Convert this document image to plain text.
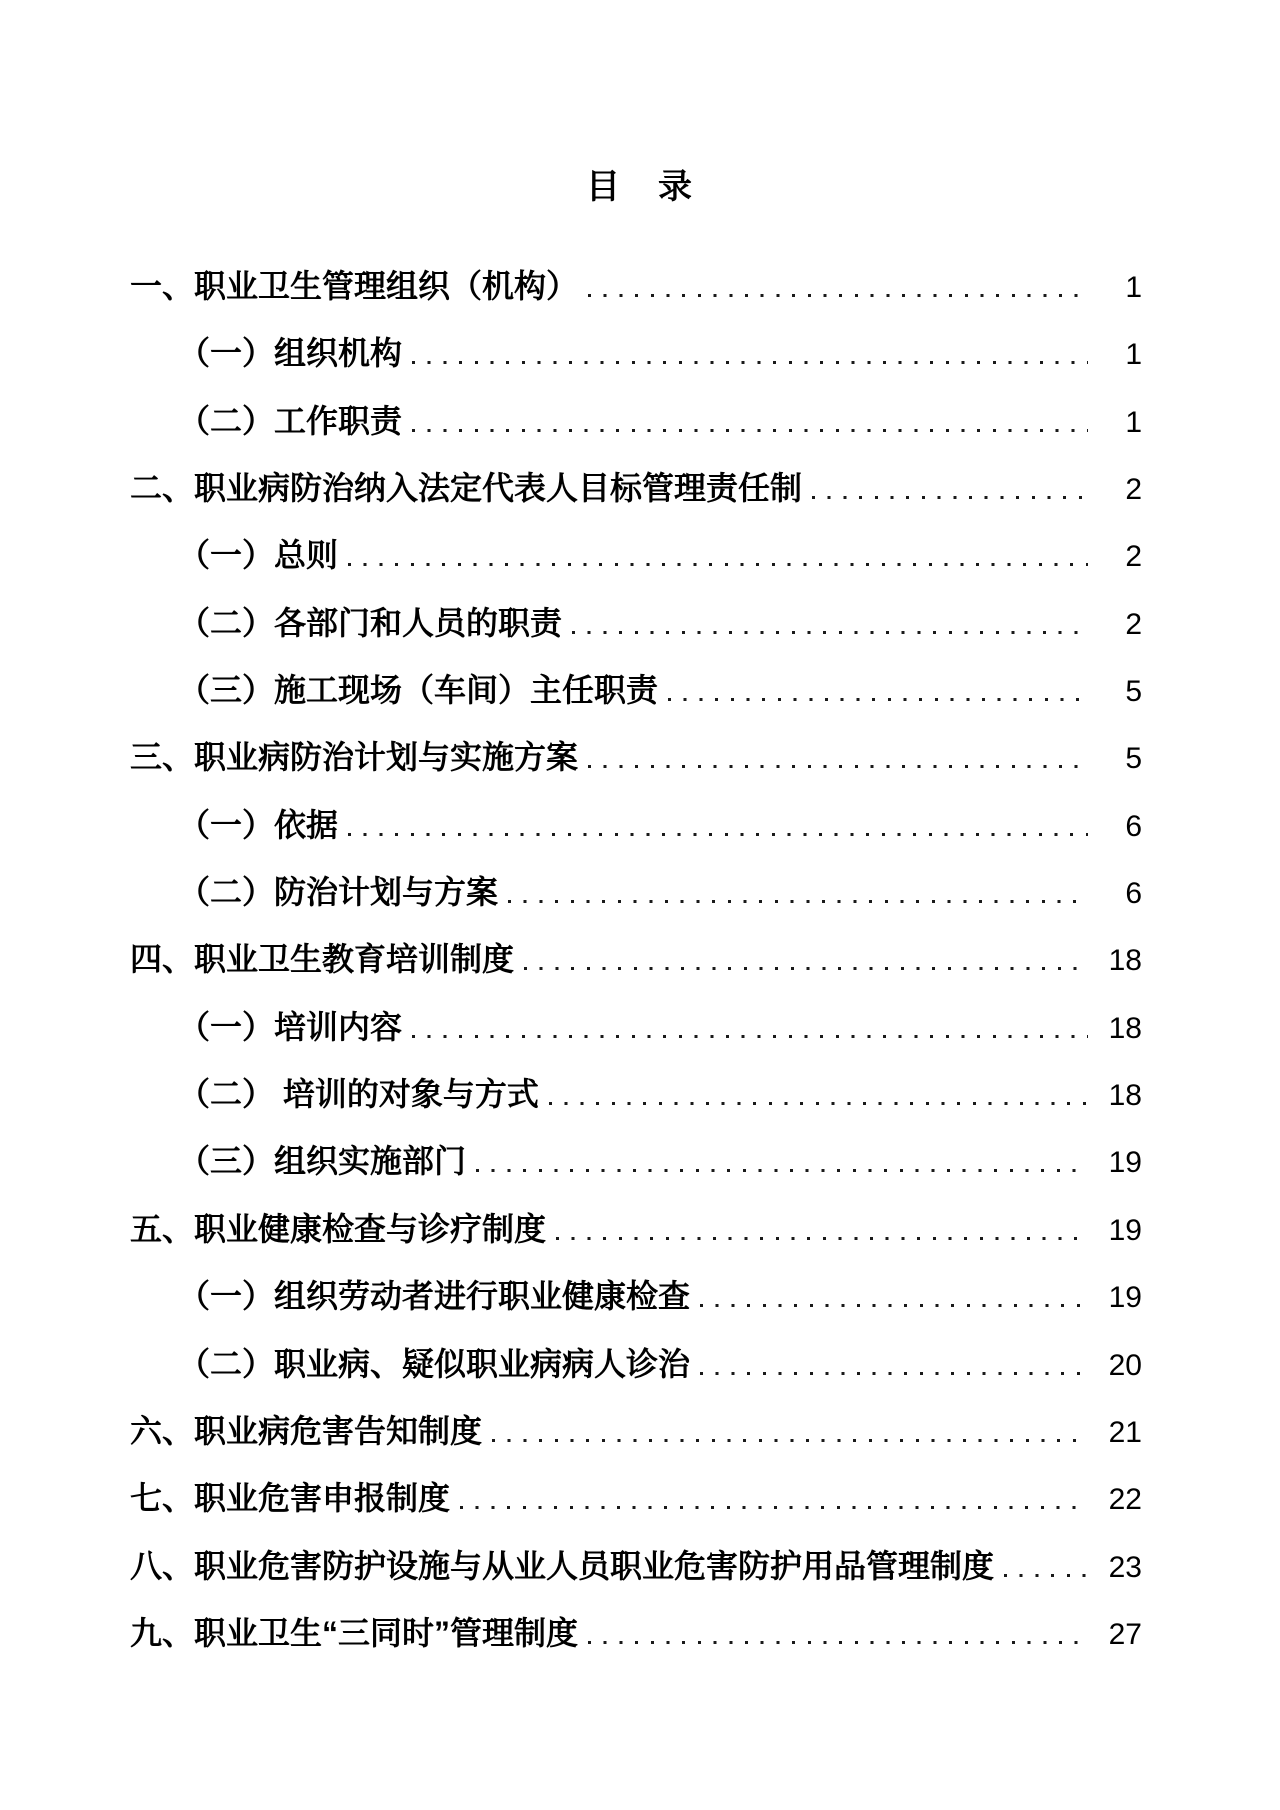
目　录
一、职业卫生管理组织（机构）	1
（一）组织机构	1
（二）工作职责	1
二、职业病防治纳入法定代表人目标管理责任制	2
（一）总则	2
（二）各部门和人员的职责	2
（三）施工现场（车间）主任职责	5
三、职业病防治计划与实施方案	5
（一）依据	6
（二）防治计划与方案	6
四、职业卫生教育培训制度	18
（一）培训内容	18
（二） 培训的对象与方式	18
（三）组织实施部门	19
五、职业健康检查与诊疗制度	19
（一）组织劳动者进行职业健康检查	19
（二）职业病、疑似职业病病人诊治	20
六、职业病危害告知制度	21
七、职业危害申报制度	22
八、职业危害防护设施与从业人员职业危害防护用品管理制度	23
九、职业卫生“三同时”管理制度	27
